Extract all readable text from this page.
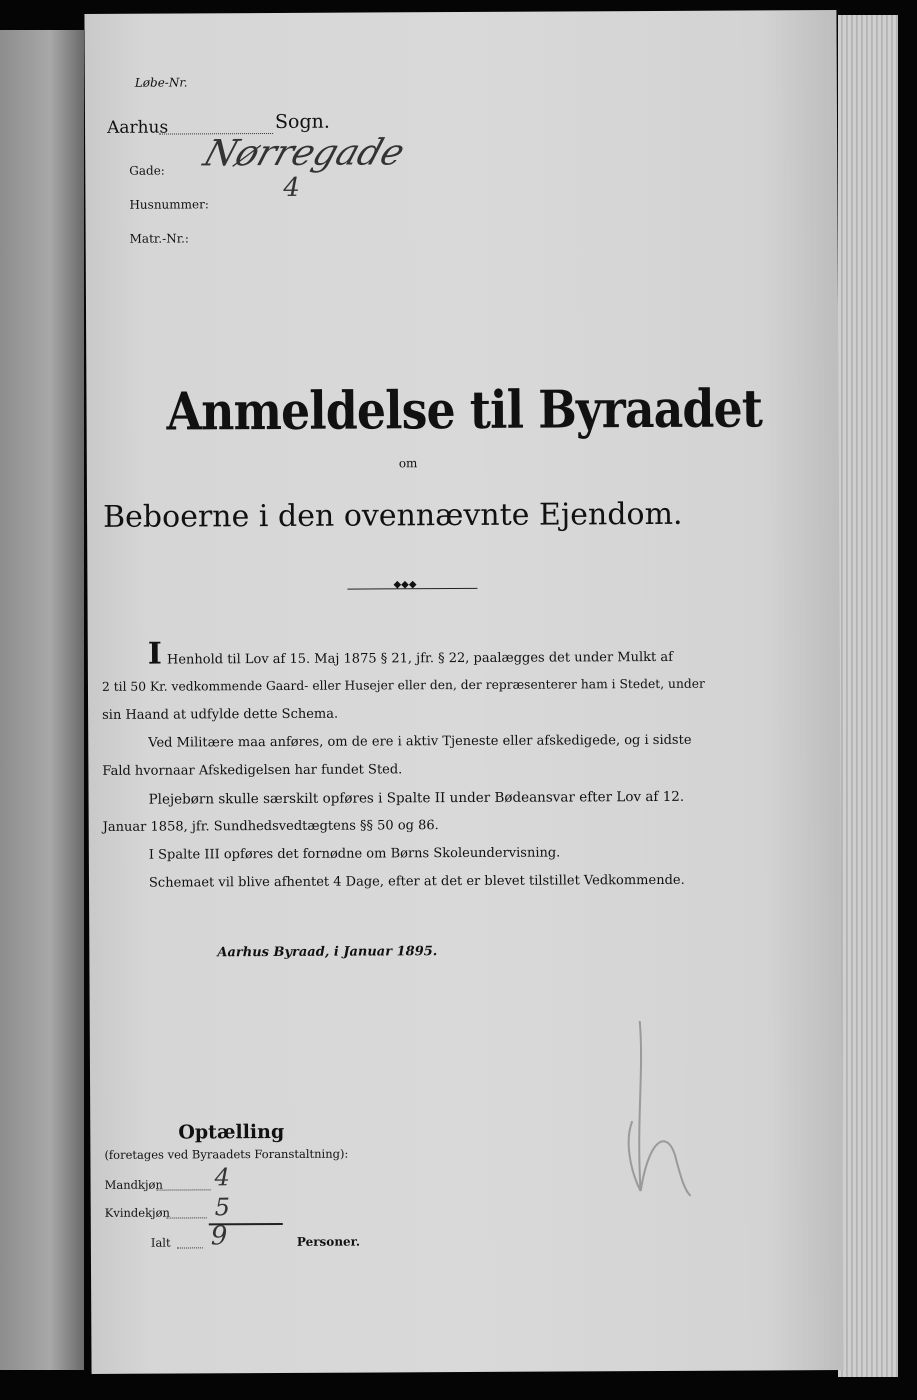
Løbe-Nr.
Aarhus	Sogn.
Gade: Nørregade
Husnummer:
4
Matr.-Nr.:
Anmeldelse til Byraadet
om
Beboerne i den ovennævnte Ejendom.
◆◆◆
I Henhold til Lov af 15. Maj 1875 § 21, jfr. § 22, paalægges det under Mulkt af
2 til 50 Kr. vedkommende Gaard- eller Husejer eller den, der repræsenterer ham i Stedet, under
sin Haand at udfylde dette Schema.
Ved Militære maa anføres, om de ere i aktiv Tjeneste eller afskedigede, og i sidste
Fald hvornaar Afskedigelsen har fundet Sted.
Plejebørn skulle særskilt opføres i Spalte II under Bødeansvar efter Lov af 12.
Januar 1858, jfr. Sundhedsvedtægtens §§ 50 og 86.
I Spalte III opføres det fornødne om Børns Skoleundervisning.
Schemaet vil blive afhentet 4 Dage, efter at det er blevet tilstillet Vedkommende.
Aarhus Byraad, i Januar 1895.
Optælling
(foretages ved Byraadets Foranstaltning):
Mandkjøn 4
Kvindekjøn 5
Ialt 9	Personer.
